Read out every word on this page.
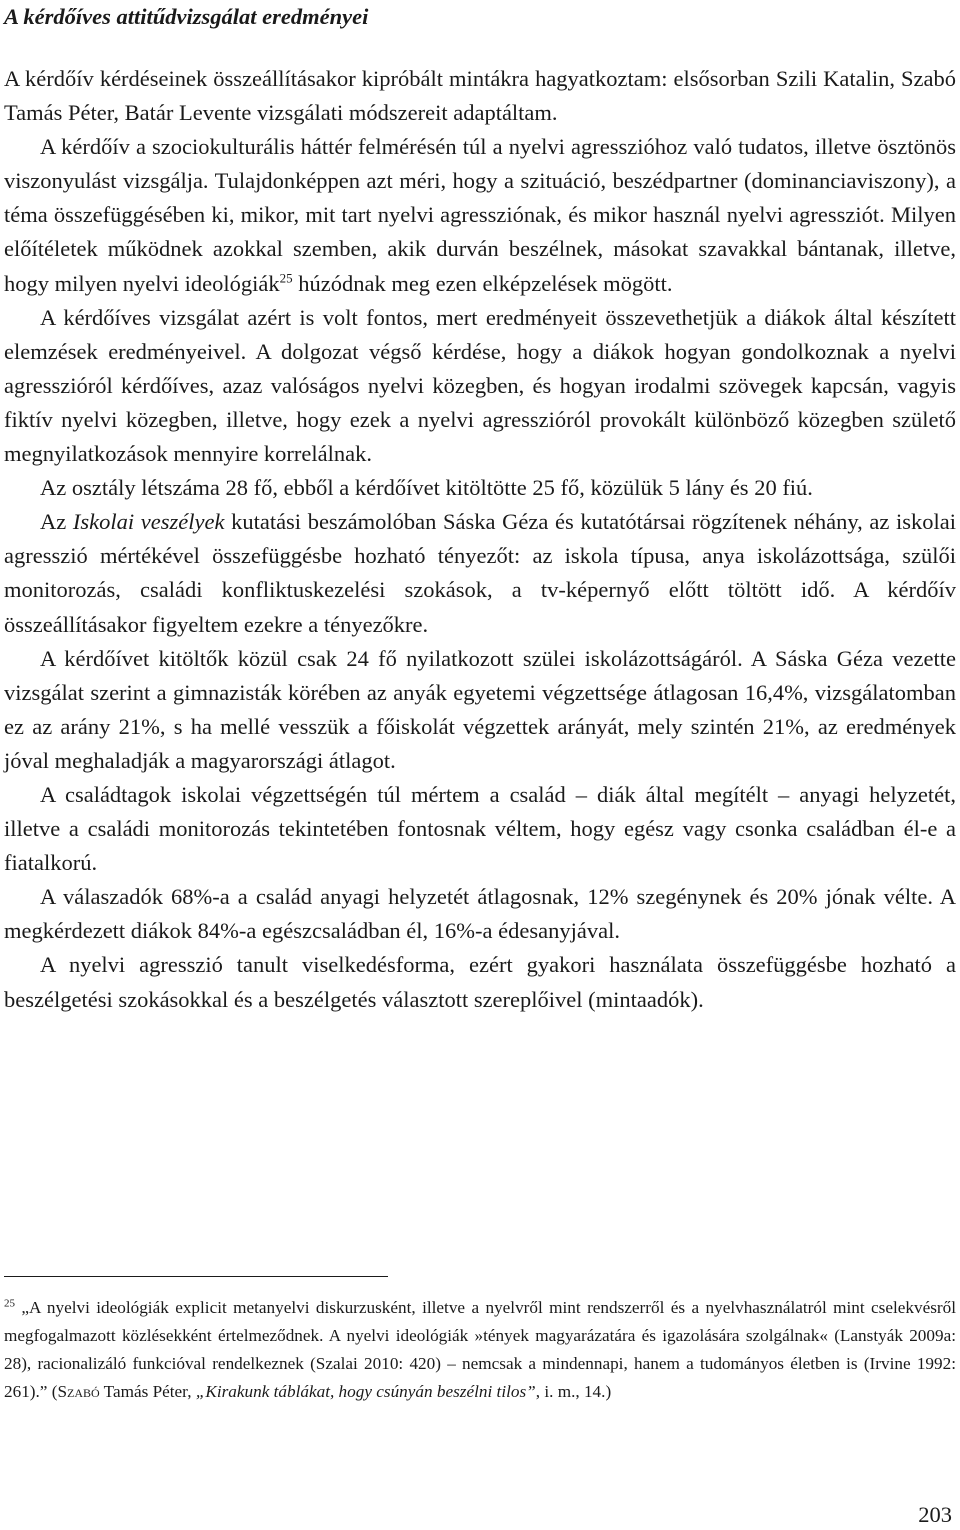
A kérdőíves attitűdvizsgálat eredményei

A kérdőív kérdéseinek összeállításakor kipróbált mintákra hagyatkoztam: elsősorban Szili Katalin, Szabó Tamás Péter, Batár Levente vizsgálati módszereit adaptáltam.

A kérdőív a szociokulturális háttér felmérésén túl a nyelvi agresszióhoz való tudatos, illetve ösztönös viszonyulást vizsgálja. Tulajdonképpen azt méri, hogy a szituáció, beszédpartner (dominanciaviszony), a téma összefüggésében ki, mikor, mit tart nyelvi agressziónak, és mikor használ nyelvi agressziót. Milyen előítéletek működnek azokkal szemben, akik durván beszélnek, másokat szavakkal bántanak, illetve, hogy milyen nyelvi ideológiák$^{25}$ húzódnak meg ezen elképzelések mögött.

A kérdőíves vizsgálat azért is volt fontos, mert eredményeit összevethetjük a diákok által készített elemzések eredményeivel. A dolgozat végső kérdése, hogy a diákok hogyan gondolkoznak a nyelvi agresszióról kérdőíves, azaz valóságos nyelvi közegben, és hogyan irodalmi szövegek kapcsán, vagyis fiktív nyelvi közegben, illetve, hogy ezek a nyelvi agresszióról provokált különböző közegben születő megnyilatkozások mennyire korrelálnak.

Az osztály létszáma 28 fő, ebből a kérdőívet kitöltötte 25 fő, közülük 5 lány és 20 fiú.

Az Iskolai veszélyek kutatási beszámolóban Sáska Géza és kutatótársai rögzítenek néhány, az iskolai agresszió mértékével összefüggésbe hozható tényezőt: az iskola típusa, anya iskolázottsága, szülői monitorozás, családi konfliktuskezelési szokások, a tv-képernyő előtt töltött idő. A kérdőív összeállításakor figyeltem ezekre a tényezőkre.

A kérdőívet kitöltők közül csak 24 fő nyilatkozott szülei iskolázottságáról. A Sáska Géza vezette vizsgálat szerint a gimnazisták körében az anyák egyetemi végzettsége átlagosan 16,4%, vizsgálatomban ez az arány 21%, s ha mellé vesszük a főiskolát végzettek arányát, mely szintén 21%, az eredmények jóval meghaladják a magyarországi átlagot.

A családtagok iskolai végzettségén túl mértem a család – diák által megítélt – anyagi helyzetét, illetve a családi monitorozás tekintetében fontosnak véltem, hogy egész vagy csonka családban él-e a fiatalkorú.

A válaszadók 68%-a a család anyagi helyzetét átlagosnak, 12% szegénynek és 20% jónak vélte. A megkérdezett diákok 84%-a egészcsaládban él, 16%-a édesanyjával.

A nyelvi agresszió tanult viselkedésforma, ezért gyakori használata összefüggésbe hozható a beszélgetési szokásokkal és a beszélgetés választott szereplőivel (mintaadók).

$^{25}$ „A nyelvi ideológiák explicit metanyelvi diskurzusként, illetve a nyelvről mint rendszerről és a nyelvhasználatról mint cselekvésről megfogalmazott közlésekként értelmeződnek. A nyelvi ideológiák »tények magyarázatára és igazolására szolgálnak« (Lanstyák 2009a: 28), racionalizáló funkcióval rendelkeznek (Szalai 2010: 420) – nemcsak a mindennapi, hanem a tudományos életben is (Irvine 1992: 261).” (Szabó Tamás Péter, „Kirakunk táblákat, hogy csúnyán beszélni tilos”, i. m., 14.)

203
